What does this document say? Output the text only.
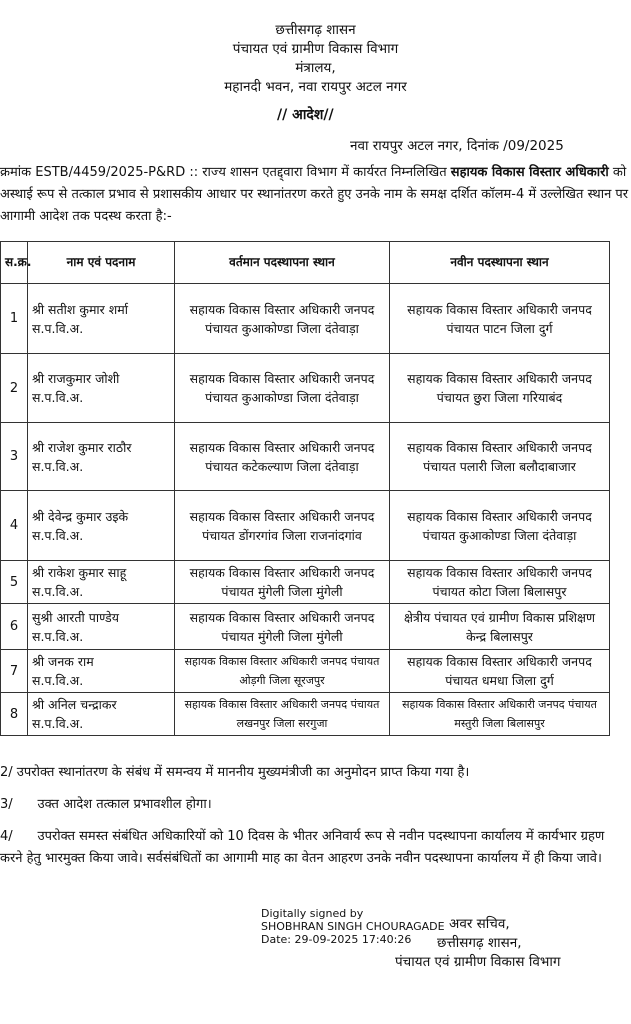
छत्तीसगढ़ शासन
पंचायत एवं ग्रामीण विकास विभाग
मंत्रालय,
महानदी भवन, नवा रायपुर अटल नगर
// आदेश//
नवा रायपुर अटल नगर, दिनांक /09/2025
क्रमांक ESTB/4459/2025-P&RD :: राज्य शासन एतद्द्वारा विभाग में कार्यरत निम्नलिखित सहायक विकास विस्तार अधिकारी को अस्थाई रूप से तत्काल प्रभाव से प्रशासकीय आधार पर स्थानांतरण करते हुए उनके नाम के समक्ष दर्शित कॉलम-4 में उल्लेखित स्थान पर आगामी आदेश तक पदस्थ करता है:-
स.क्र.	नाम एवं पदनाम	वर्तमान पदस्थापना स्थान	नवीन पदस्थापना स्थान
1	श्री सतीश कुमार शर्मा
स.प.वि.अ.	सहायक विकास विस्तार अधिकारी जनपद पंचायत कुआकोण्डा जिला दंतेवाड़ा	सहायक विकास विस्तार अधिकारी जनपद पंचायत पाटन जिला दुर्ग
2	श्री राजकुमार जोशी
स.प.वि.अ.	सहायक विकास विस्तार अधिकारी जनपद पंचायत कुआकोण्डा जिला दंतेवाड़ा	सहायक विकास विस्तार अधिकारी जनपद पंचायत छुरा जिला गरियाबंद
3	श्री राजेश कुमार राठौर
स.प.वि.अ.	सहायक विकास विस्तार अधिकारी जनपद पंचायत कटेकल्याण जिला दंतेवाड़ा	सहायक विकास विस्तार अधिकारी जनपद पंचायत पलारी जिला बलौदाबाजार
4	श्री देवेन्द्र कुमार उइके
स.प.वि.अ.	सहायक विकास विस्तार अधिकारी जनपद पंचायत डोंगरगांव जिला राजनांदगांव	सहायक विकास विस्तार अधिकारी जनपद पंचायत कुआकोण्डा जिला दंतेवाड़ा
5	श्री राकेश कुमार साहू
स.प.वि.अ.	सहायक विकास विस्तार अधिकारी जनपद पंचायत मुंगेली जिला मुंगेली	सहायक विकास विस्तार अधिकारी जनपद पंचायत कोटा जिला बिलासपुर
6	सुश्री आरती पाण्डेय
स.प.वि.अ.	सहायक विकास विस्तार अधिकारी जनपद पंचायत मुंगेली जिला मुंगेली	क्षेत्रीय पंचायत एवं ग्रामीण विकास प्रशिक्षण केन्द्र बिलासपुर
7	श्री जनक राम
स.प.वि.अ.	सहायक विकास विस्तार अधिकारी जनपद पंचायत ओड़गी जिला सूरजपुर	सहायक विकास विस्तार अधिकारी जनपद पंचायत धमधा जिला दुर्ग
8	श्री अनिल चन्द्राकर
स.प.वि.अ.	सहायक विकास विस्तार अधिकारी जनपद पंचायत लखनपुर जिला सरगुजा	सहायक विकास विस्तार अधिकारी जनपद पंचायत मस्तुरी जिला बिलासपुर
2/ उपरोक्त स्थानांतरण के संबंध में समन्वय में माननीय मुख्यमंत्रीजी का अनुमोदन प्राप्त किया गया है।
3/      उक्त आदेश तत्काल प्रभावशील होगा।
4/      उपरोक्त समस्त संबंधित अधिकारियों को 10 दिवस के भीतर अनिवार्य रूप से नवीन पदस्थापना कार्यालय में कार्यभार ग्रहण करने हेतु भारमुक्त किया जावे। सर्वसंबंधितों का आगामी माह का वेतन आहरण उनके नवीन पदस्थापना कार्यालय में ही किया जावे।
Digitally signed by
SHOBHRAN SINGH CHOURAGADE
Date: 29-09-2025 17:40:26
अवर सचिव,
छत्तीसगढ़ शासन,
पंचायत एवं ग्रामीण विकास विभाग
